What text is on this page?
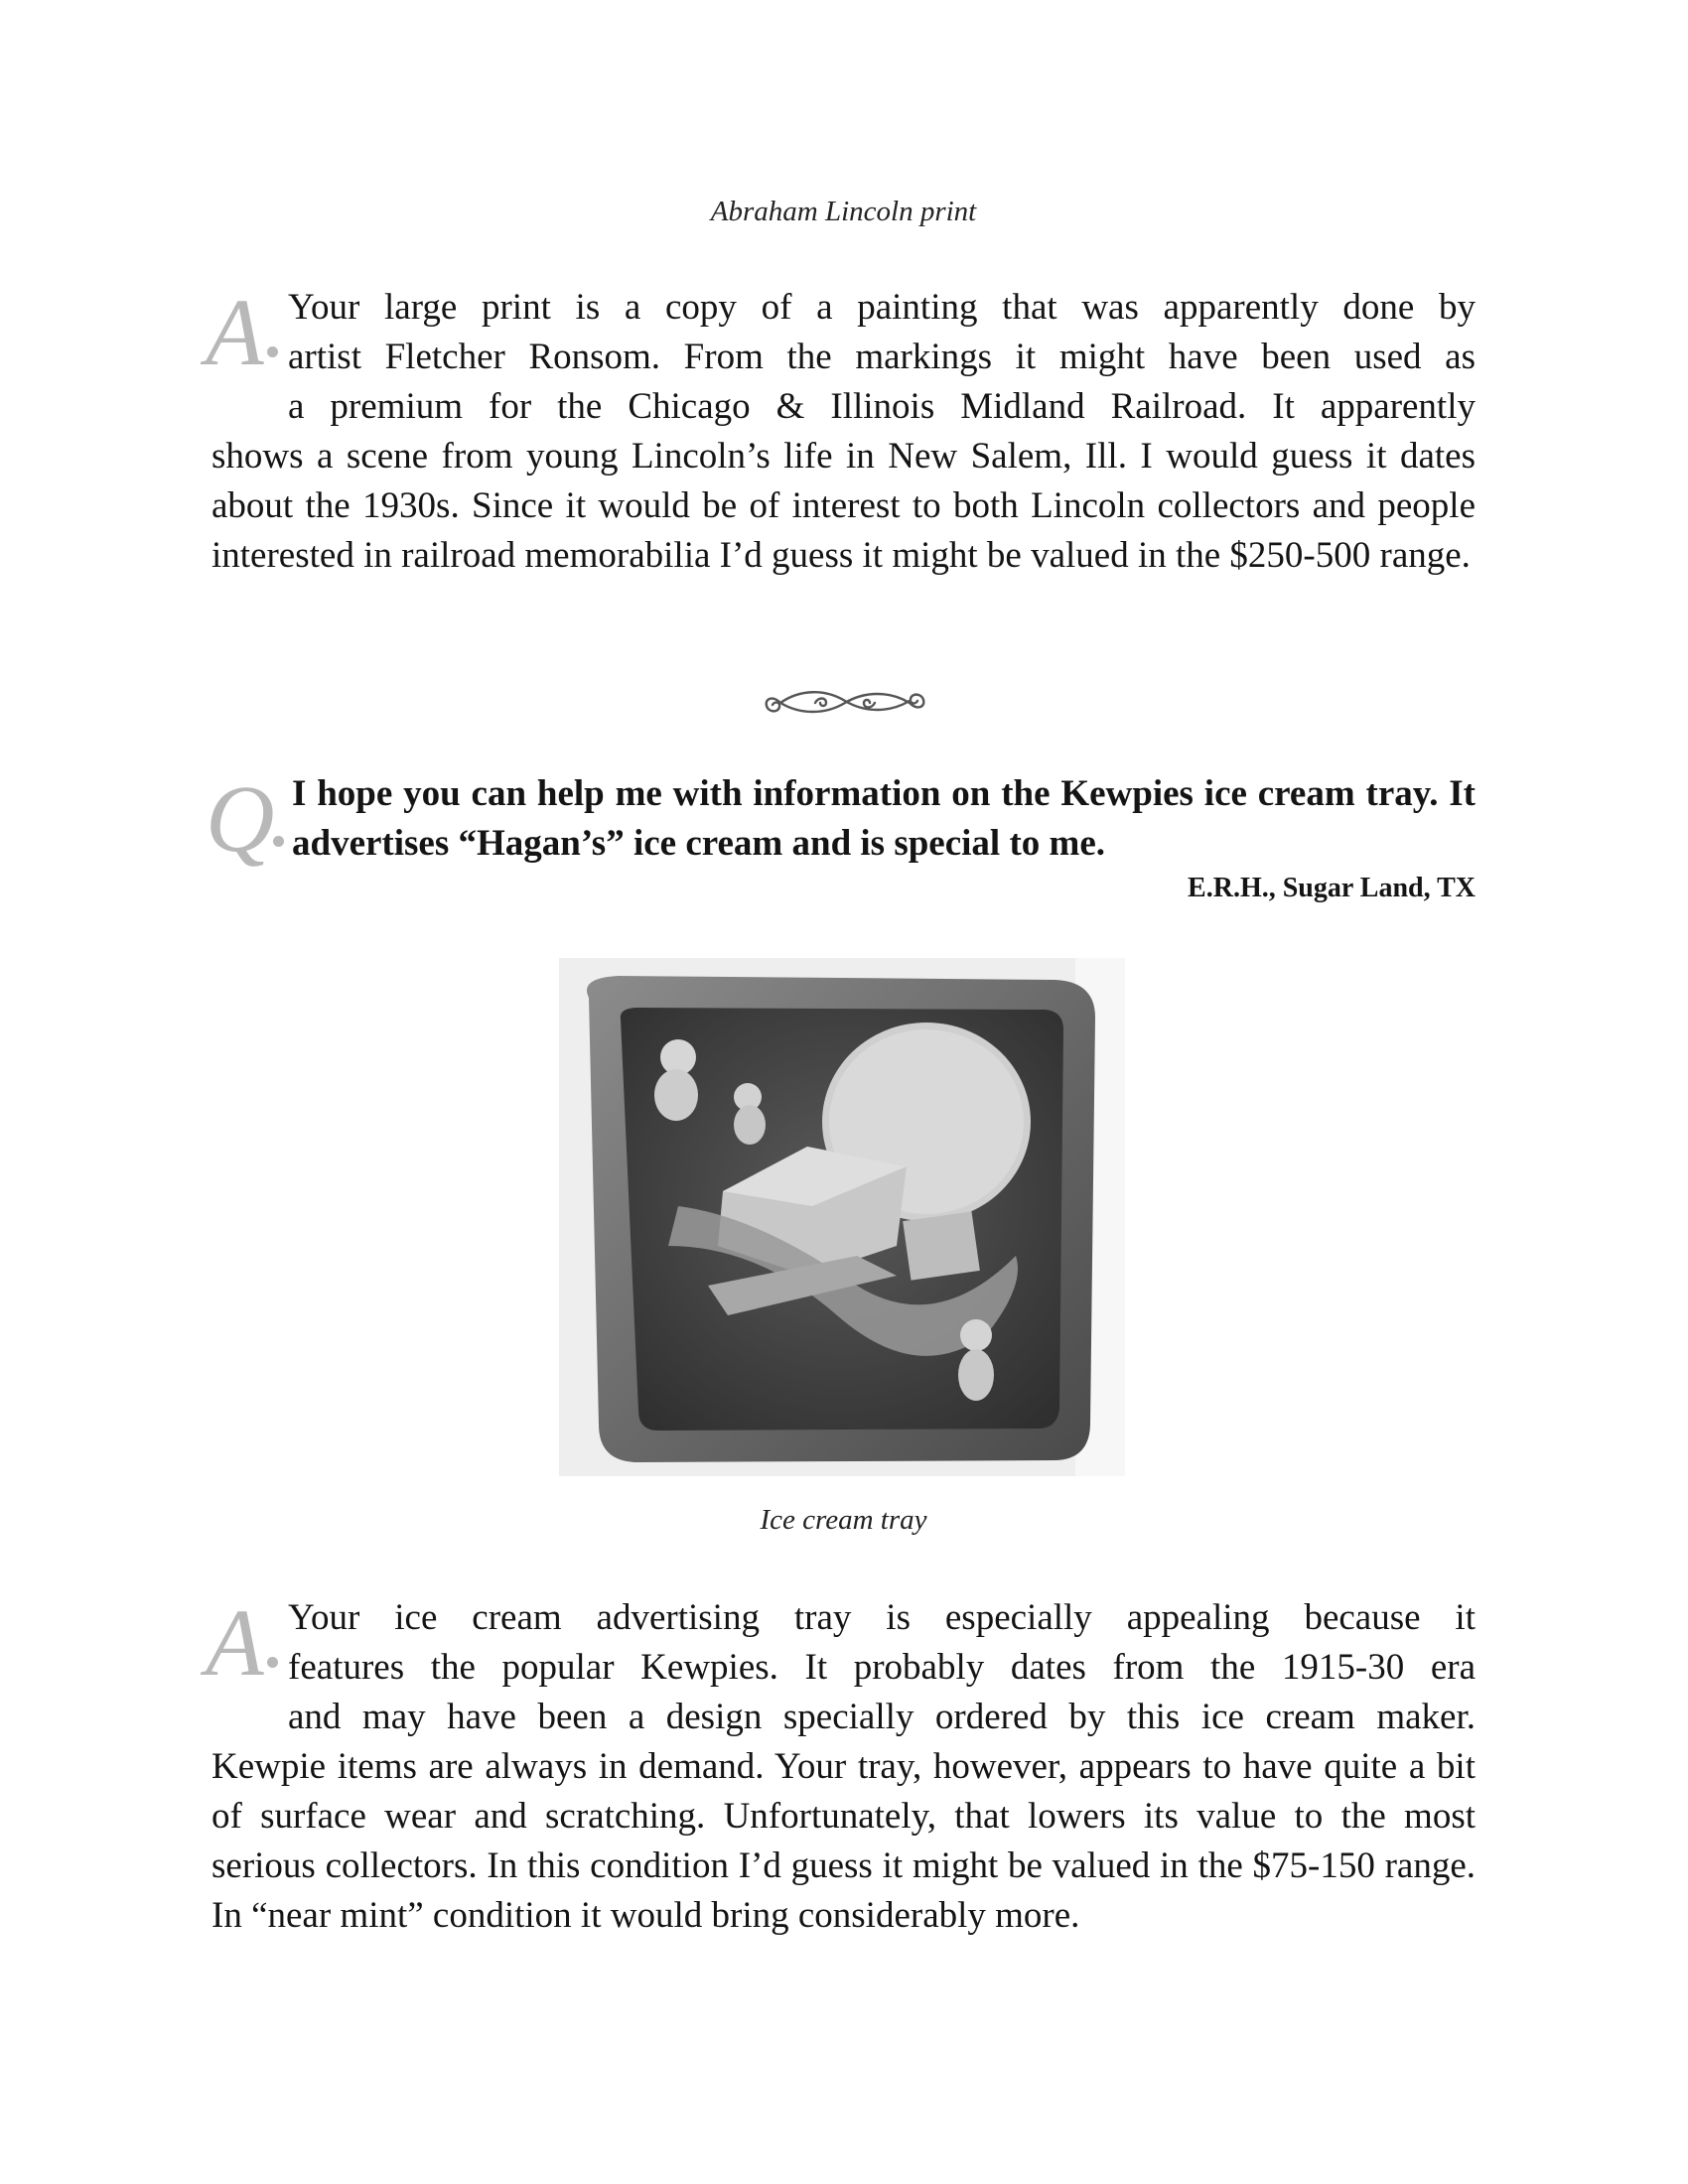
Abraham Lincoln print
A Your large print is a copy of a painting that was apparently done by

artist Fletcher Ronsom. From the markings it might have been used as

a premium for the Chicago & Illinois Midland Railroad. It apparently

shows a scene from young Lincoln’s life in New Salem, Ill. I would guess it dates about the 1930s. Since it would be of interest to both Lincoln collectors and people interested in railroad memorabilia I’d guess it might be valued in the $250-500 range.

Q I hope you can help me with information on the Kewpies ice cream tray. It advertises “Hagan’s” ice cream and is special to me.

E.R.H., Sugar Land, TX
Ice cream tray
A Your ice cream advertising tray is especially appealing because it

features the popular Kewpies. It probably dates from the 1915-30 era

and may have been a design specially ordered by this ice cream maker.

Kewpie items are always in demand. Your tray, however, appears to have quite a bit of surface wear and scratching. Unfortunately, that lowers its value to the most serious collectors. In this condition I’d guess it might be valued in the $75-150 range. In “near mint” condition it would bring considerably more.
